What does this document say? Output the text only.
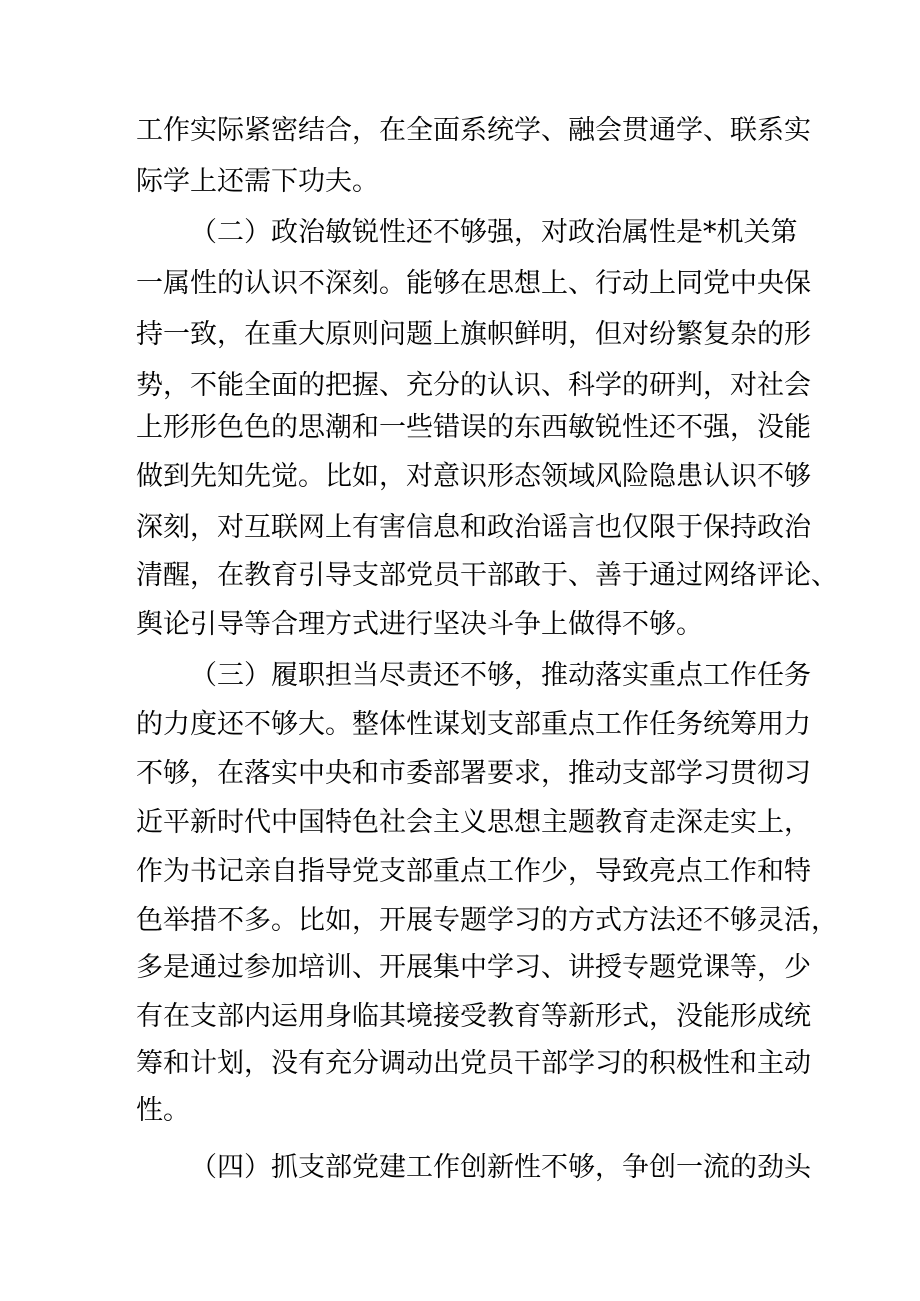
工作实际紧密结合，在全面系统学、融会贯通学、联系实
际学上还需下功夫。
（二）政治敏锐性还不够强，对政治属性是*机关第
一属性的认识不深刻。能够在思想上、行动上同党中央保
持一致，在重大原则问题上旗帜鲜明，但对纷繁复杂的形
势，不能全面的把握、充分的认识、科学的研判，对社会
上形形色色的思潮和一些错误的东西敏锐性还不强，没能
做到先知先觉。比如，对意识形态领域风险隐患认识不够
深刻，对互联网上有害信息和政治谣言也仅限于保持政治
清醒，在教育引导支部党员干部敢于、善于通过网络评论、
舆论引导等合理方式进行坚决斗争上做得不够。
（三）履职担当尽责还不够，推动落实重点工作任务
的力度还不够大。整体性谋划支部重点工作任务统筹用力
不够，在落实中央和市委部署要求，推动支部学习贯彻习
近平新时代中国特色社会主义思想主题教育走深走实上，
作为书记亲自指导党支部重点工作少，导致亮点工作和特
色举措不多。比如，开展专题学习的方式方法还不够灵活，
多是通过参加培训、开展集中学习、讲授专题党课等，少
有在支部内运用身临其境接受教育等新形式，没能形成统
筹和计划，没有充分调动出党员干部学习的积极性和主动
性。
（四）抓支部党建工作创新性不够，争创一流的劲头
